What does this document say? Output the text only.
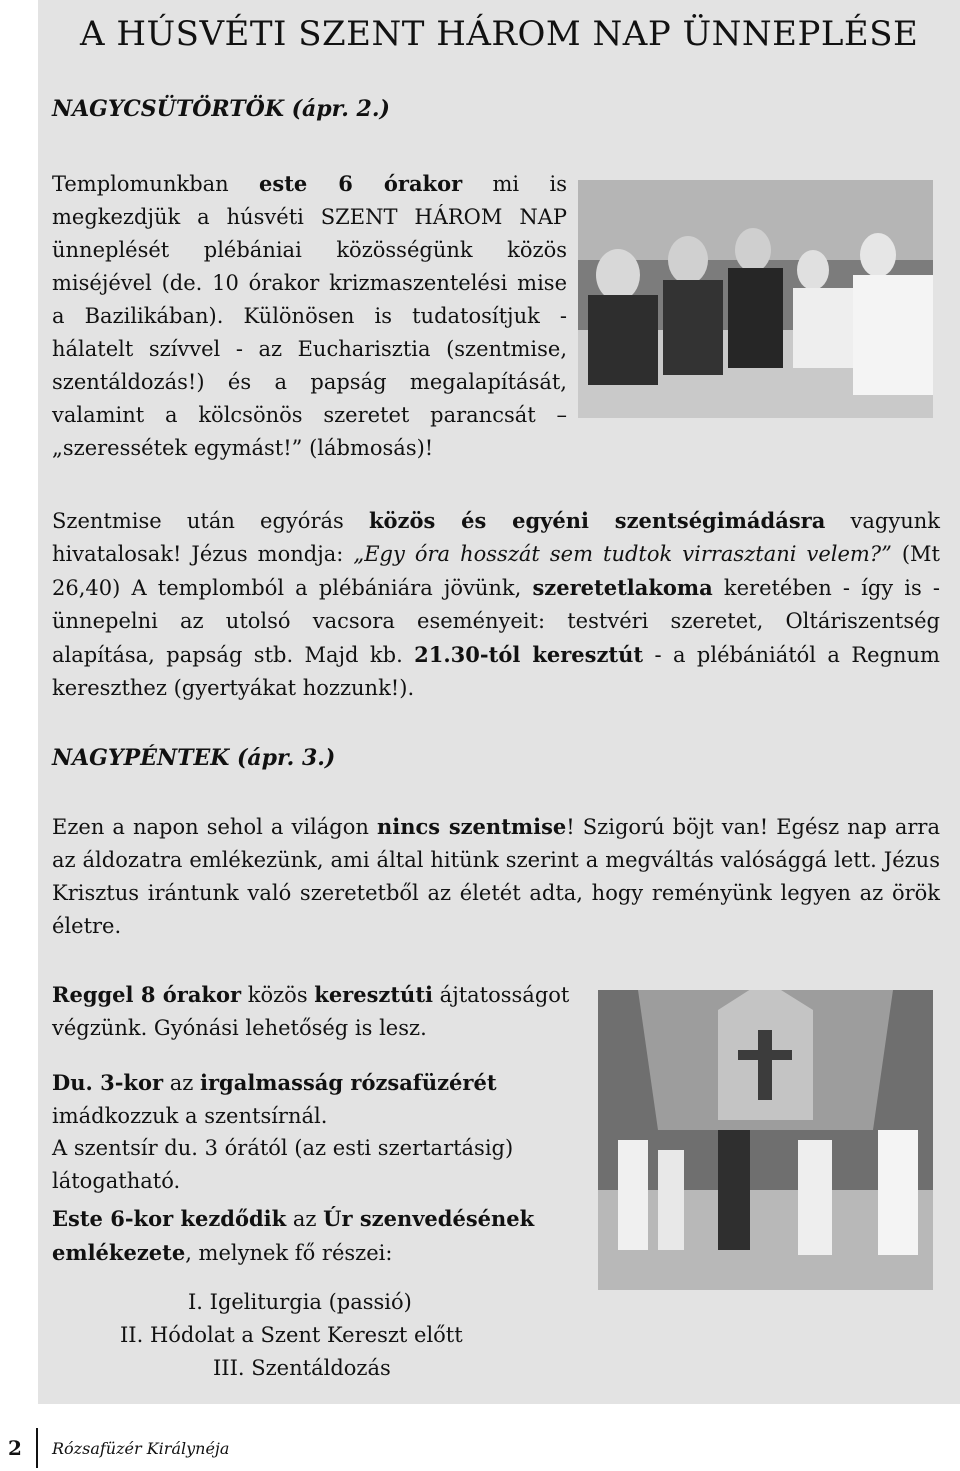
A HÚSVÉTI SZENT HÁROM NAP ÜNNEPLÉSE
NAGYCSÜTÖRTÖK (ápr. 2.)
Templomunkban este 6 órakor mi is megkezdjük a húsvéti SZENT HÁROM NAP ünneplését plébániai közösségünk közös miséjével (de. 10 órakor krizmaszentelési mise a Bazilikában). Különösen is tudatosítjuk - hálatelt szívvel - az Eucharisztia (szentmise, szentáldozás!) és a papság megalapítását, valamint a kölcsönös szeretet parancsát – „szeressétek egymást!” (lábmosás)!
Szentmise után egyórás közös és egyéni szentségimádásra vagyunk hivatalosak! Jézus mondja: „Egy óra hosszát sem tudtok virrasztani velem?” (Mt 26,40) A templomból a plébániára jövünk, szeretetlakoma keretében - így is - ünnepelni az utolsó vacsora eseményeit: testvéri szeretet, Oltáriszentség alapítása, papság stb. Majd kb. 21.30-tól keresztút - a plébániától a Regnum kereszthez (gyertyákat hozzunk!).
NAGYPÉNTEK (ápr. 3.)
Ezen a napon sehol a világon nincs szentmise! Szigorú böjt van! Egész nap arra az áldozatra emlékezünk, ami által hitünk szerint a megváltás valósággá lett. Jézus Krisztus irántunk való szeretetből az életét adta, hogy reményünk legyen az örök életre.
Reggel 8 órakor közös keresztúti ájtatosságot végzünk. Gyónási lehetőség is lesz.
Du. 3-kor az irgalmasság rózsafüzérét imádkozzuk a szentsírnál.
A szentsír du. 3 órától (az esti szertartásig) látogatható.
Este 6-kor kezdődik az Úr szenvedésének emlékezete, melynek fő részei:
I. Igeliturgia (passió)
II. Hódolat a Szent Kereszt előtt
III. Szentáldozás
2 Rózsafüzér Királynéja
